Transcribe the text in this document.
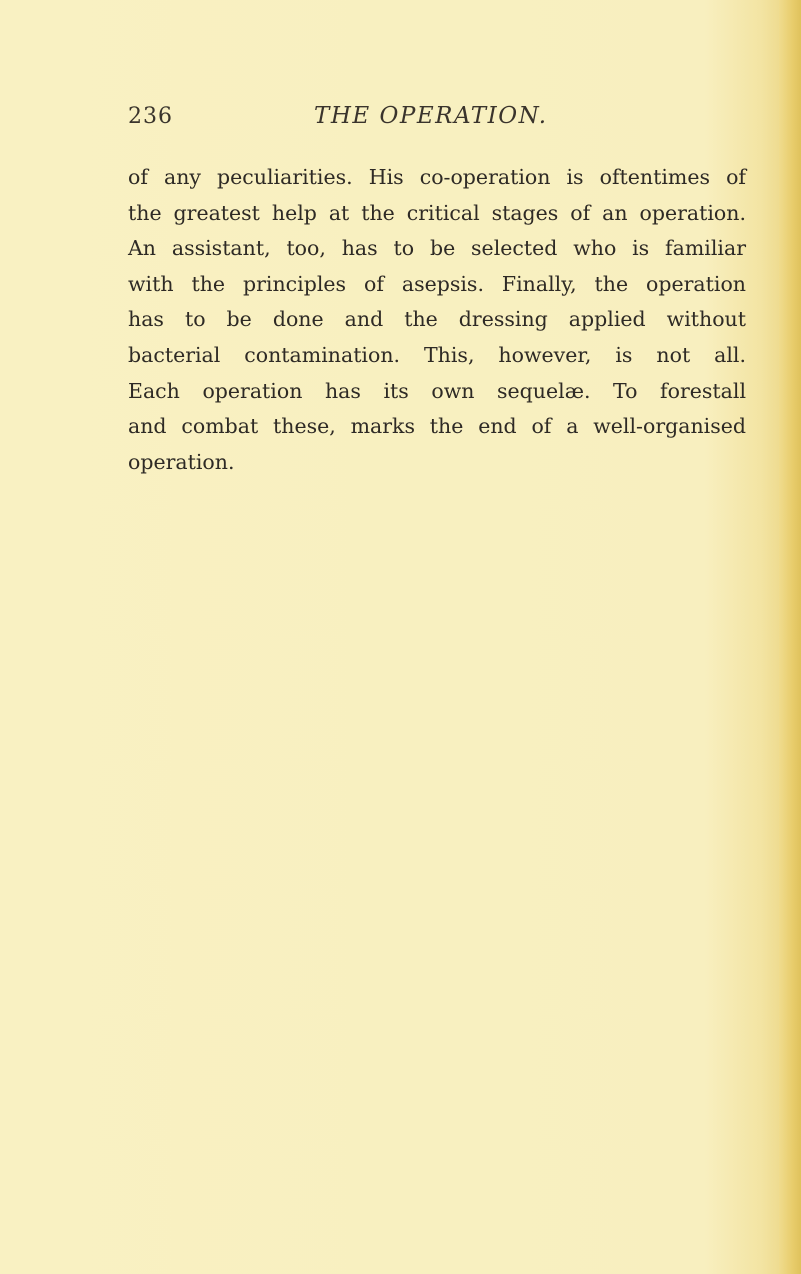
236	THE OPERATION.
of any peculiarities. His co-operation is oftentimes of
the greatest help at the critical stages of an operation.
An assistant, too, has to be selected who is familiar
with the principles of asepsis. Finally, the operation
has to be done and the dressing applied without
bacterial contamination. This, however, is not all.
Each operation has its own sequelæ. To forestall
and combat these, marks the end of a well-organised
operation.
